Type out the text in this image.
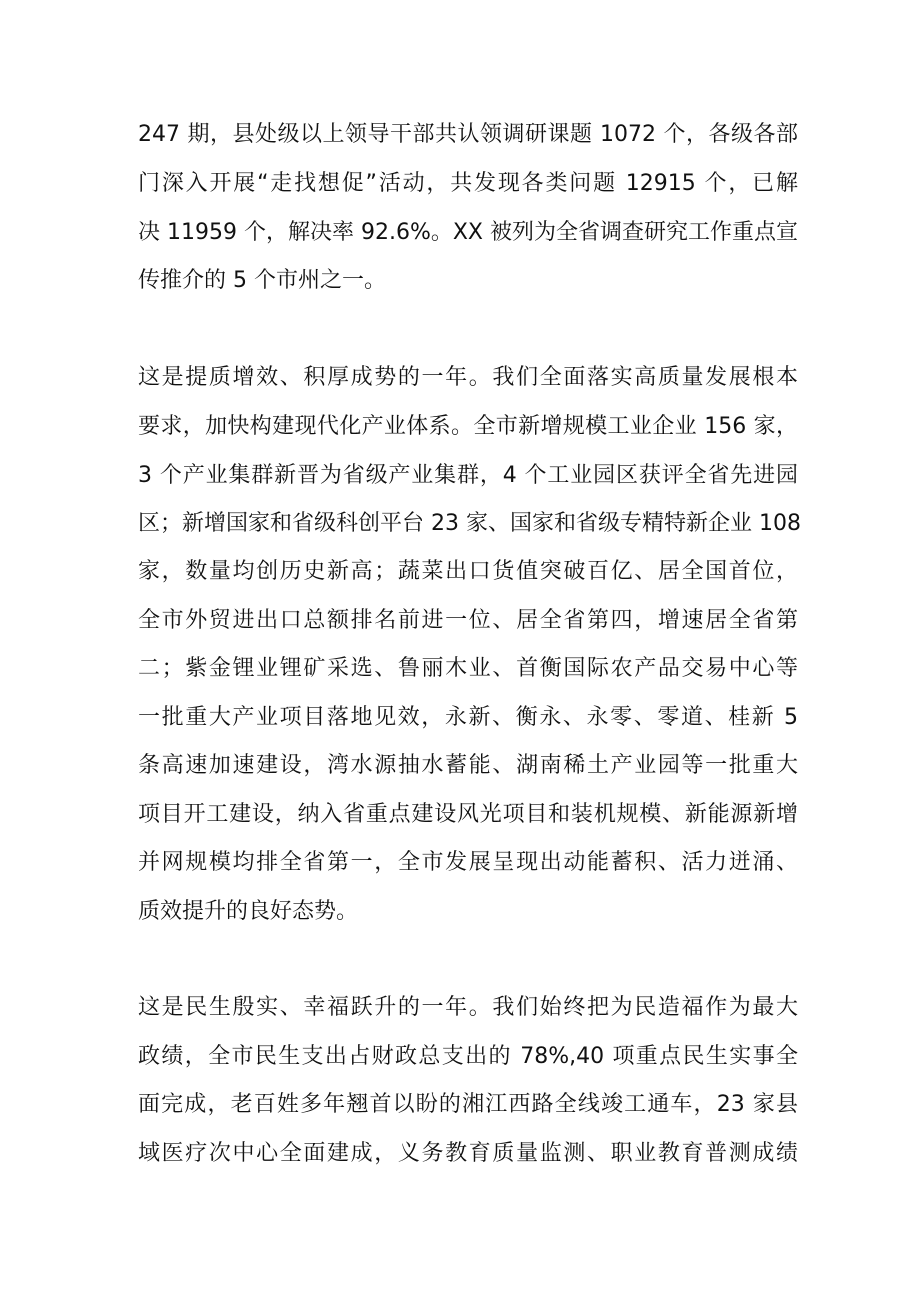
247 期，县处级以上领导干部共认领调研课题 1072 个，各级各部
门深入开展“走找想促”活动，共发现各类问题 12915 个，已解
决 11959 个，解决率 92.6%。XX 被列为全省调查研究工作重点宣
传推介的 5 个市州之一。
这是提质增效、积厚成势的一年。我们全面落实高质量发展根本
要求，加快构建现代化产业体系。全市新增规模工业企业 156 家，
3 个产业集群新晋为省级产业集群，4 个工业园区获评全省先进园
区；新增国家和省级科创平台 23 家、国家和省级专精特新企业 108
家，数量均创历史新高；蔬菜出口货值突破百亿、居全国首位，
全市外贸进出口总额排名前进一位、居全省第四，增速居全省第
二；紫金锂业锂矿采选、鲁丽木业、首衡国际农产品交易中心等
一批重大产业项目落地见效，永新、衡永、永零、零道、桂新 5
条高速加速建设，湾水源抽水蓄能、湖南稀土产业园等一批重大
项目开工建设，纳入省重点建设风光项目和装机规模、新能源新增
并网规模均排全省第一，全市发展呈现出动能蓄积、活力迸涌、
质效提升的良好态势。
这是民生殷实、幸福跃升的一年。我们始终把为民造福作为最大
政绩，全市民生支出占财政总支出的 78%,40 项重点民生实事全
面完成，老百姓多年翘首以盼的湘江西路全线竣工通车，23 家县
域医疗次中心全面建成，义务教育质量监测、职业教育普测成绩
